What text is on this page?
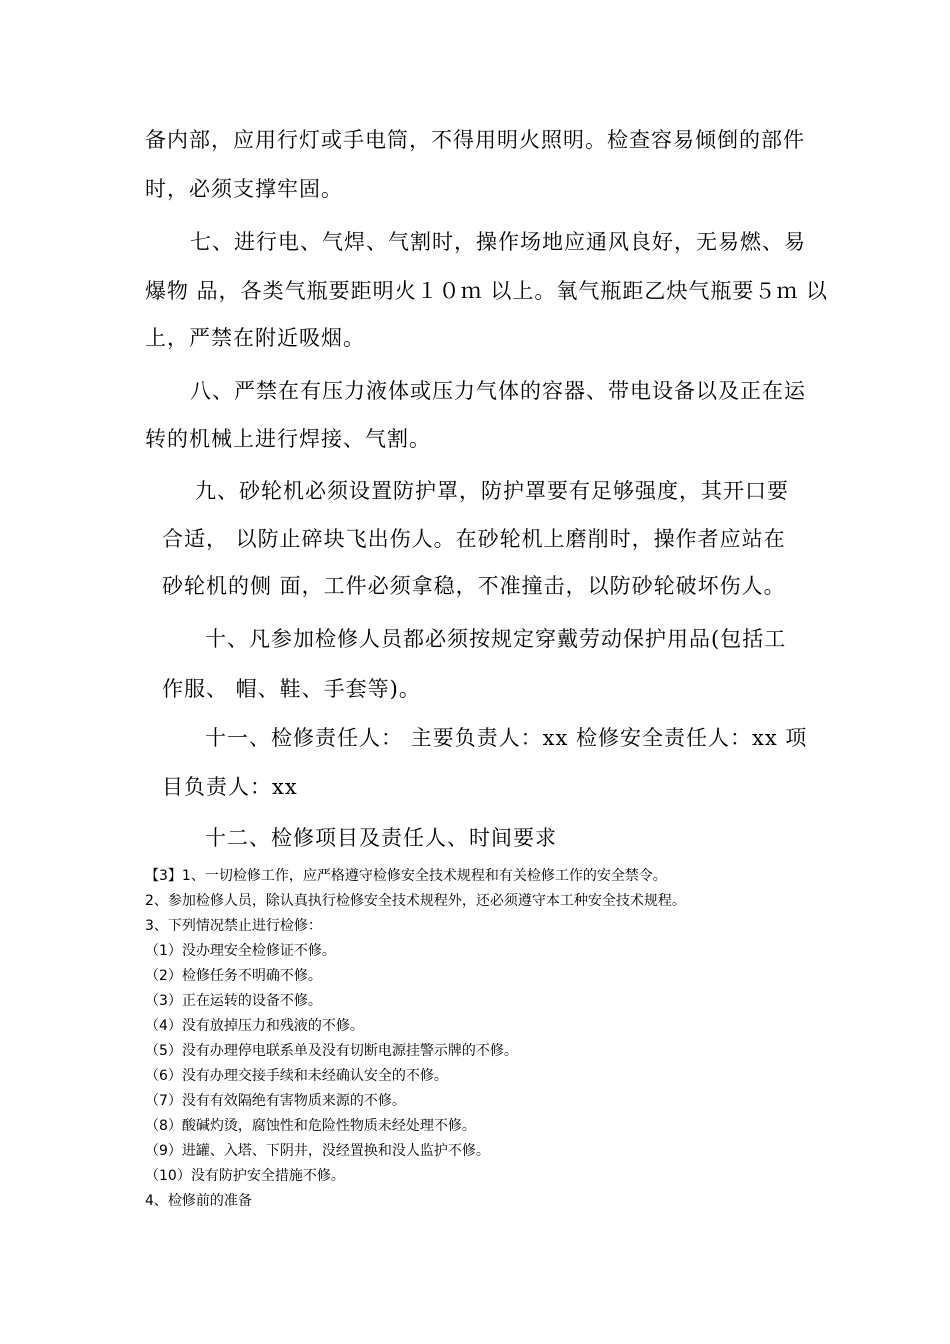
备内部，应用行灯或手电筒，不得用明火照明。检查容易倾倒的部件
时，必须支撑牢固。
七、进行电、气焊、气割时，操作场地应通风良好，无易燃、易
爆物 品，各类气瓶要距明火１０ｍ 以上。氧气瓶距乙炔气瓶要５ｍ 以
上，严禁在附近吸烟。
八、严禁在有压力液体或压力气体的容器、带电设备以及正在运
转的机械上进行焊接、气割。
九、砂轮机必须设置防护罩，防护罩要有足够强度，其开口要
合适， 以防止碎块飞出伤人。在砂轮机上磨削时，操作者应站在
砂轮机的侧 面，工件必须拿稳，不准撞击，以防砂轮破坏伤人。
十、凡参加检修人员都必须按规定穿戴劳动保护用品(包括工
作服、 帽、鞋、手套等)。
十一、检修责任人： 主要负责人：xx 检修安全责任人：xx 项
目负责人：xx
十二、检修项目及责任人、时间要求
【3】1、一切检修工作，应严格遵守检修安全技术规程和有关检修工作的安全禁令。
2、参加检修人员，除认真执行检修安全技术规程外，还必须遵守本工种安全技术规程。
3、下列情况禁止进行检修：
（1）没办理安全检修证不修。
（2）检修任务不明确不修。
（3）正在运转的设备不修。
（4）没有放掉压力和残液的不修。
（5）没有办理停电联系单及没有切断电源挂警示牌的不修。
（6）没有办理交接手续和未经确认安全的不修。
（7）没有有效隔绝有害物质来源的不修。
（8）酸碱灼烫，腐蚀性和危险性物质未经处理不修。
（9）进罐、入塔、下阴井，没经置换和没人监护不修。
（10）没有防护安全措施不修。
4、检修前的准备
